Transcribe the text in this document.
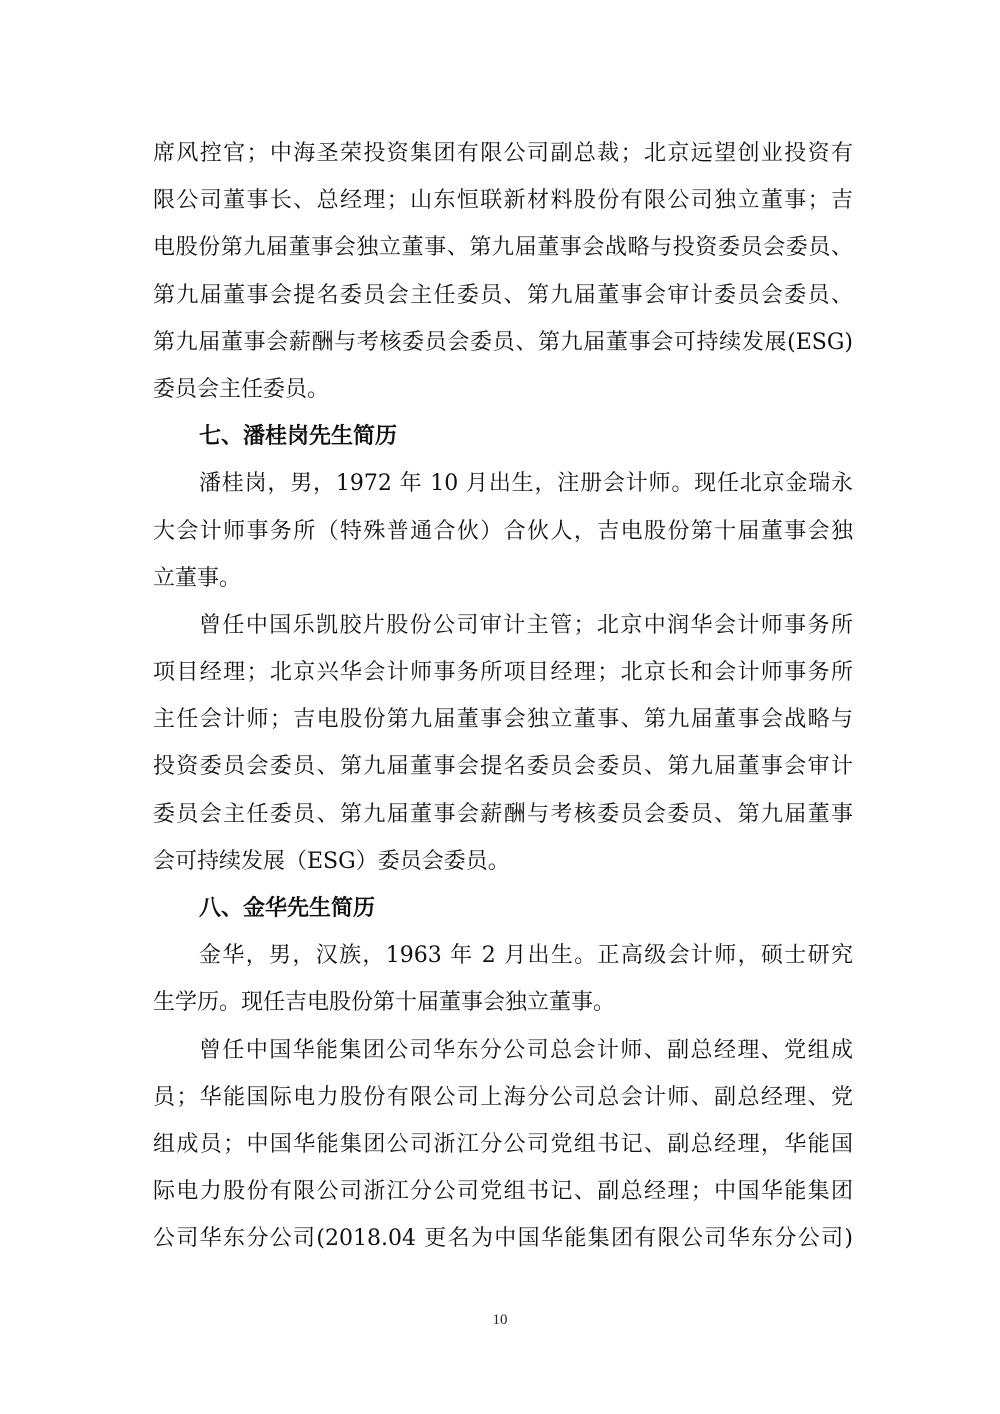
席风控官；中海圣荣投资集团有限公司副总裁；北京远望创业投资有
限公司董事长、总经理；山东恒联新材料股份有限公司独立董事；吉
电股份第九届董事会独立董事、第九届董事会战略与投资委员会委员、
第九届董事会提名委员会主任委员、第九届董事会审计委员会委员、
第九届董事会薪酬与考核委员会委员、第九届董事会可持续发展(ESG)
委员会主任委员。
七、潘桂岗先生简历
潘桂岗，男，1972 年 10 月出生，注册会计师。现任北京金瑞永
大会计师事务所（特殊普通合伙）合伙人，吉电股份第十届董事会独
立董事。
曾任中国乐凯胶片股份公司审计主管；北京中润华会计师事务所
项目经理；北京兴华会计师事务所项目经理；北京长和会计师事务所
主任会计师；吉电股份第九届董事会独立董事、第九届董事会战略与
投资委员会委员、第九届董事会提名委员会委员、第九届董事会审计
委员会主任委员、第九届董事会薪酬与考核委员会委员、第九届董事
会可持续发展（ESG）委员会委员。
八、金华先生简历
金华，男，汉族，1963 年 2 月出生。正高级会计师，硕士研究
生学历。现任吉电股份第十届董事会独立董事。
曾任中国华能集团公司华东分公司总会计师、副总经理、党组成
员；华能国际电力股份有限公司上海分公司总会计师、副总经理、党
组成员；中国华能集团公司浙江分公司党组书记、副总经理，华能国
际电力股份有限公司浙江分公司党组书记、副总经理；中国华能集团
公司华东分公司(2018.04 更名为中国华能集团有限公司华东分公司)
10
